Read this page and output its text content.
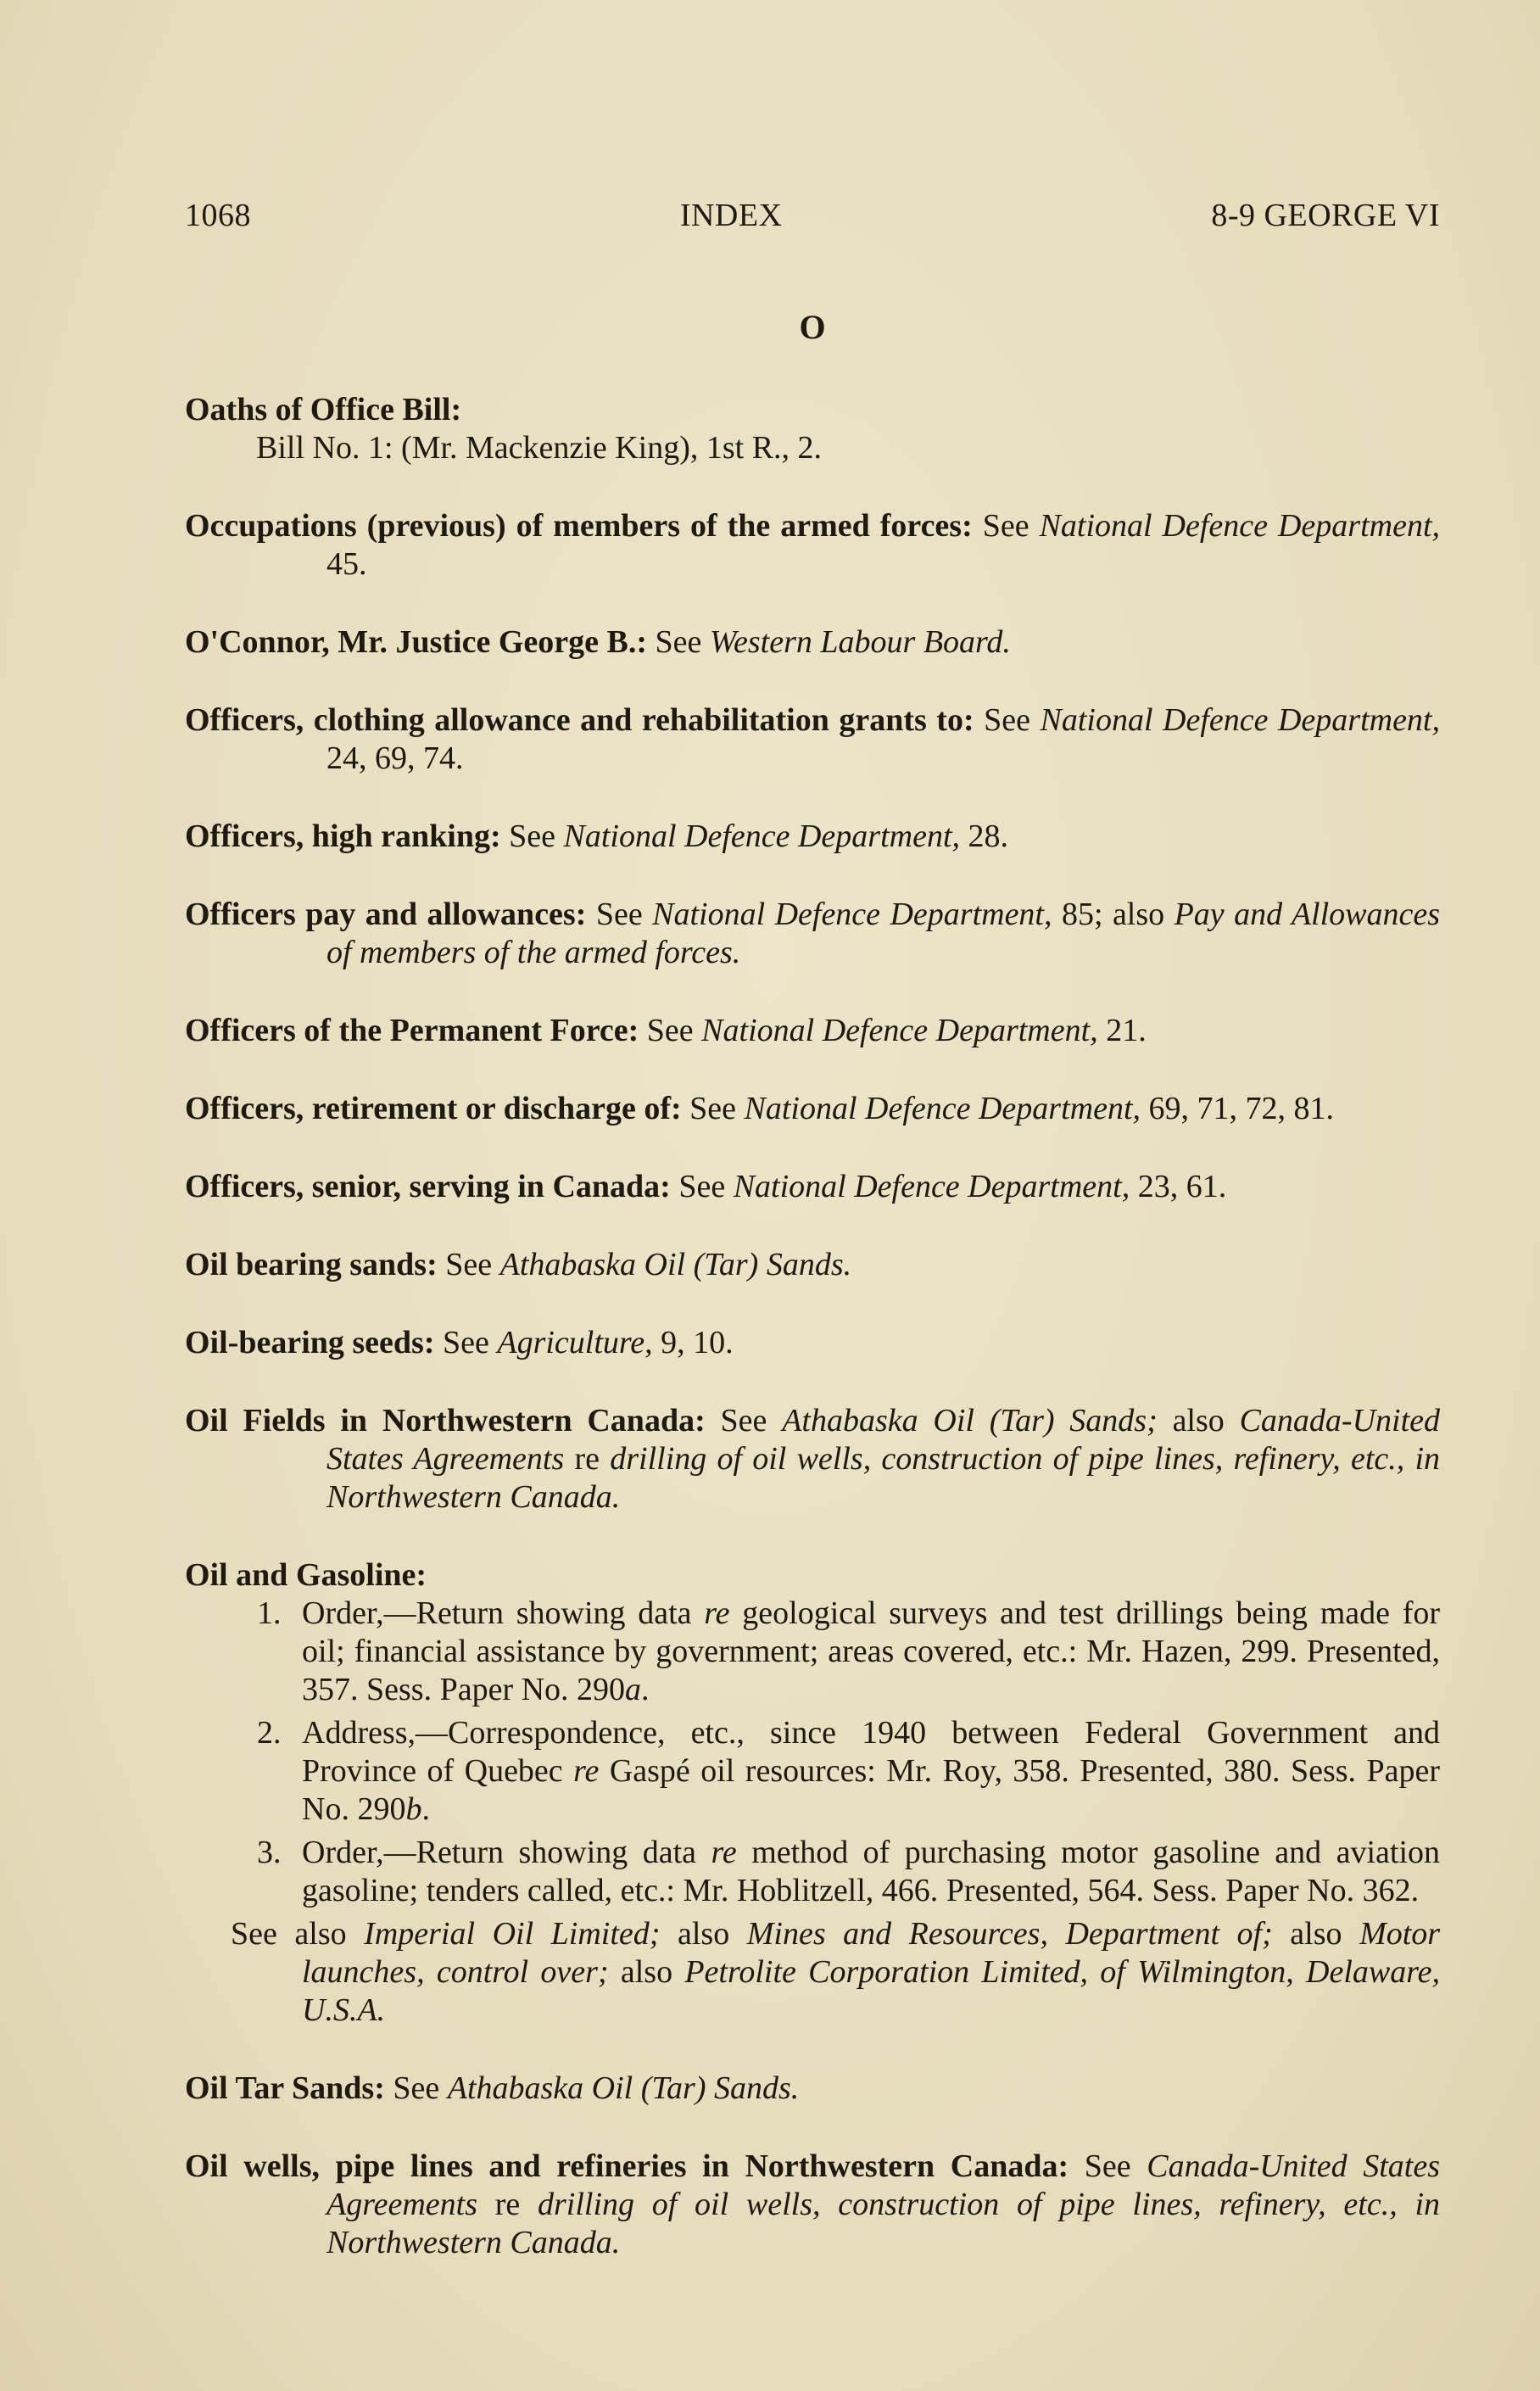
1068	INDEX	8-9 GEORGE VI
O
Oaths of Office Bill:
Bill No. 1: (Mr. Mackenzie King), 1st R., 2.
Occupations (previous) of members of the armed forces: See National Defence Department, 45.
O'Connor, Mr. Justice George B.: See Western Labour Board.
Officers, clothing allowance and rehabilitation grants to: See National Defence Department, 24, 69, 74.
Officers, high ranking: See National Defence Department, 28.
Officers pay and allowances: See National Defence Department, 85; also Pay and Allowances of members of the armed forces.
Officers of the Permanent Force: See National Defence Department, 21.
Officers, retirement or discharge of: See National Defence Department, 69, 71, 72, 81.
Officers, senior, serving in Canada: See National Defence Department, 23, 61.
Oil bearing sands: See Athabaska Oil (Tar) Sands.
Oil-bearing seeds: See Agriculture, 9, 10.
Oil Fields in Northwestern Canada: See Athabaska Oil (Tar) Sands; also Canada-United States Agreements re drilling of oil wells, construction of pipe lines, refinery, etc., in Northwestern Canada.
Oil and Gasoline:
1. Order,—Return showing data re geological surveys and test drillings being made for oil; financial assistance by government; areas covered, etc.: Mr. Hazen, 299. Presented, 357. Sess. Paper No. 290a.
2. Address,—Correspondence, etc., since 1940 between Federal Government and Province of Quebec re Gaspé oil resources: Mr. Roy, 358. Presented, 380. Sess. Paper No. 290b.
3. Order,—Return showing data re method of purchasing motor gasoline and aviation gasoline; tenders called, etc.: Mr. Hoblitzell, 466. Presented, 564. Sess. Paper No. 362.
See also Imperial Oil Limited; also Mines and Resources, Department of; also Motor launches, control over; also Petrolite Corporation Limited, of Wilmington, Delaware, U.S.A.
Oil Tar Sands: See Athabaska Oil (Tar) Sands.
Oil wells, pipe lines and refineries in Northwestern Canada: See Canada-United States Agreements re drilling of oil wells, construction of pipe lines, refinery, etc., in Northwestern Canada.
